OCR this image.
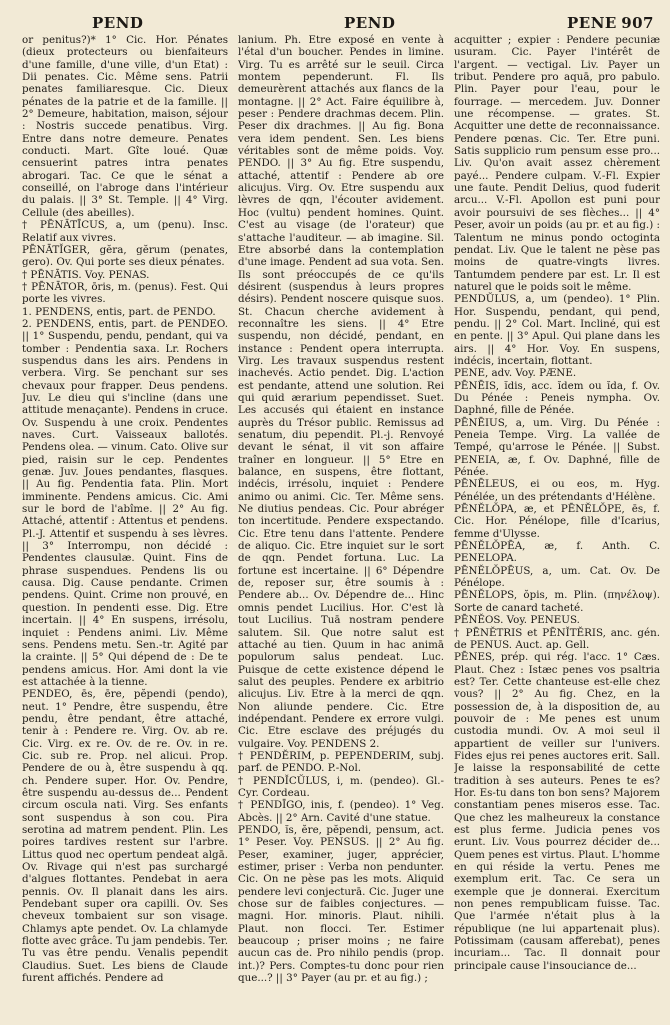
PEND	PEND	PENE 907

or penitus?)* 1° Cic. Hor. Pénates (dieux protecteurs ou bienfaiteurs d'une famille, d'une ville, d'un Etat) : Dii penates. Cic. Même sens. Patrii penates familiaresque. Cic. Dieux pénates de la patrie et de la famille. || 2° Demeure, habitation, maison, séjour : Nostris succede penatibus. Virg. Entre dans notre demeure. Penates conducti. Mart. Gîte loué. Quæ censuerint patres intra penates abrogari. Tac. Ce que le sénat a conseillé, on l'abroge dans l'intérieur du palais. || 3° St. Temple. || 4° Virg. Cellule (des abeilles).

† PĒNĀTĪCUS, a, um (penu). Insc. Relatif aux vivres.

PĒNĀTĬGER, gĕra, gĕrum (penates, gero). Ov. Qui porte ses dieux pénates.

† PĒNĀTIS. Voy. PENAS.

† PĒNĀTOR, ōris, m. (penus). Fest. Qui porte les vivres.

1. PENDENS, entis, part. de PENDO.

2. PENDENS, entis, part. de PENDEO. || 1° Suspendu, pendu, pendant, qui va tomber : Pendentia saxa. Lr. Rochers suspendus dans les airs. Pendens in verbera. Virg. Se penchant sur ses chevaux pour frapper. Deus pendens. Juv. Le dieu qui s'incline (dans une attitude menaçante). Pendens in cruce. Ov. Suspendu à une croix. Pendentes naves. Curt. Vaisseaux ballotés. Pendens olea. — vinum. Cato. Olive sur pied, raisin sur le cep. Pendentes genæ. Juv. Joues pendantes, flasques. || Au fig. Pendentia fata. Plin. Mort imminente. Pendens amicus. Cic. Ami sur le bord de l'abîme. || 2° Au fig. Attaché, attentif : Attentus et pendens. Pl.-J. Attentif et suspendu à ses lèvres. || 3° Interrompu, non décidé : Pendentes clausulæ. Quint. Fins de phrase suspendues. Pendens lis ou causa. Dig. Cause pendante. Crimen pendens. Quint. Crime non prouvé, en question. In pendenti esse. Dig. Etre incertain. || 4° En suspens, irrésolu, inquiet : Pendens animi. Liv. Même sens. Pendens metu. Sen.-tr. Agité par la crainte. || 5° Qui dépend de : De te pendens amicus. Hor. Ami dont la vie est attachée à la tienne.

PENDEO, ēs, ēre, pĕpendi (pendo), neut. 1° Pendre, être suspendu, être pendu, être pendant, être attaché, tenir à : Pendere re. Virg. Ov. ab re. Cic. Virg. ex re. Ov. de re. Ov. in re. Cic. sub re. Prop. nel alicui. Prop. Pendere de ou à, être suspendu à qq. ch. Pendere super. Hor. Ov. Pendre, être suspendu au-dessus de... Pendent circum oscula nati. Virg. Ses enfants sont suspendus à son cou. Pira serotina ad matrem pendent. Plin. Les poires tardives restent sur l'arbre. Littus quod nec opertum pendeat algā. Ov. Rivage qui n'est pas surchargé d'algues flottantes. Pendebat in aera pennis. Ov. Il planait dans les airs. Pendebant super ora capilli. Ov. Ses cheveux tombaient sur son visage. Chlamys apte pendet. Ov. La chlamyde flotte avec grâce. Tu jam pendebis. Ter. Tu vas être pendu. Venalis pependit Claudius. Suet. Les biens de Claude furent affichés. Pendere ad

lanium. Ph. Etre exposé en vente à l'étal d'un boucher. Pendes in limine. Virg. Tu es arrêté sur le seuil. Circa montem pependerunt. Fl. Ils demeurèrent attachés aux flancs de la montagne. || 2° Act. Faire équilibre à, peser : Pendere drachmas decem. Plin. Peser dix drachmes. || Au fig. Bona vera idem pendent. Sen. Les biens véritables sont de même poids. Voy. PENDO. || 3° Au fig. Etre suspendu, attaché, attentif : Pendere ab ore alicujus. Virg. Ov. Etre suspendu aux lèvres de qqn, l'écouter avidement. Hoc (vultu) pendent homines. Quint. C'est au visage (de l'orateur) que s'attache l'auditeur. — ab imagine. Sil. Etre absorbé dans la contemplation d'une image. Pendent ad sua vota. Sen. Ils sont préoccupés de ce qu'ils désirent (suspendus à leurs propres désirs). Pendent noscere quisque suos. St. Chacun cherche avidement à reconnaître les siens. || 4° Etre suspendu, non décidé, pendant, en instance : Pendent opera interrupta. Virg. Les travaux suspendus restent inachevés. Actio pendet. Dig. L'action est pendante, attend une solution. Rei qui quid ærarium pependisset. Suet. Les accusés qui étaient en instance auprès du Trésor public. Remissus ad senatum, diu pependit. Pl.-j. Renvoyé devant le sénat, il vit son affaire traîner en longueur. || 5° Etre en balance, en suspens, être flottant, indécis, irrésolu, inquiet : Pendere animo ou animi. Cic. Ter. Même sens. Ne diutius pendeas. Cic. Pour abréger ton incertitude. Pendere exspectando. Cic. Etre tenu dans l'attente. Pendere de aliquo. Cic. Etre inquiet sur le sort de qqn. Pendet fortuna. Luc. La fortune est incertaine. || 6° Dépendre de, reposer sur, être soumis à : Pendere ab... Ov. Dépendre de... Hinc omnis pendet Lucilius. Hor. C'est là tout Lucilius. Tuā nostram pendere salutem. Sil. Que notre salut est attaché au tien. Quum in hac animā populorum salus pendeat. Luc. Puisque de cette existence dépend le salut des peuples. Pendere ex arbitrio alicujus. Liv. Etre à la merci de qqn. Non aliunde pendere. Cic. Etre indépendant. Pendere ex errore vulgi. Cic. Etre esclave des préjugés du vulgaire. Voy. PENDENS 2.

† PENDĔRIM, p. PEPENDERIM, subj. parf. de PENDO. P.-Nol.

† PENDĬCŬLUS, i, m. (pendeo). Gl.-Cyr. Cordeau.

† PENDĪGO, inis, f. (pendeo). 1° Veg. Abcès. || 2° Arn. Cavité d'une statue.

PENDO, ĭs, ĕre, pĕpendi, pensum, act. 1° Peser. Voy. PENSUS. || 2° Au fig. Peser, examiner, juger, apprécier, estimer, priser : Verba non pendunter. Cic. On ne pèse pas les mots. Aliquid pendere levi conjecturā. Cic. Juger une chose sur de faibles conjectures. — magni. Hor. minoris. Plaut. nihili. Plaut. non flocci. Ter. Estimer beaucoup ; priser moins ; ne faire aucun cas de. Pro nihilo pendis (prop. int.)? Pers. Comptes-tu donc pour rien que...? || 3° Payer (au pr. et au fig.) ;

acquitter ; expier : Pendere pecuniæ usuram. Cic. Payer l'intérêt de l'argent. — vectigal. Liv. Payer un tribut. Pendere pro aquā, pro pabulo. Plin. Payer pour l'eau, pour le fourrage. — mercedem. Juv. Donner une récompense. — grates. St. Acquitter une dette de reconnaissance. Pendere pœnas. Cic. Ter. Etre puni. Satis supplicio rum pensum esse pro... Liv. Qu'on avait assez chèrement payé... Pendere culpam. V.-Fl. Expier une faute. Pendit Delius, quod fuderit arcu... V.-Fl. Apollon est puni pour avoir poursuivi de ses flèches... || 4° Peser, avoir un poids (au pr. et au fig.) : Talentum ne minus pondo octoginta pendat. Liv. Que le talent ne pèse pas moins de quatre-vingts livres. Tantumdem pendere par est. Lr. Il est naturel que le poids soit le même.

PENDŬLUS, a, um (pendeo). 1° Plin. Hor. Suspendu, pendant, qui pend, pendu. || 2° Col. Mart. Incliné, qui est en pente. || 3° Apul. Qui plane dans les airs. || 4° Hor. Voy. En suspens, indécis, incertain, flottant.

PENE, adv. Voy. PÆNE.

PĒNĒIS, ĭdis, acc. ĭdem ou ĭda, f. Ov. Du Pénée : Peneis nympha. Ov. Daphné, fille de Pénée.

PĒNĒIUS, a, um. Virg. Du Pénée : Peneia Tempe. Virg. La vallée de Tempé, qu'arrose le Pénée. || Subst. PENEIA, æ, f. Ov. Daphné, fille de Pénée.

PĒNĒLEUS, ei ou eos, m. Hyg. Pénélée, un des prétendants d'Hélène.

PĒNĔLŎPA, æ, et PĒNĔLŎPE, ēs, f. Cic. Hor. Pénélope, fille d'Icarius, femme d'Ulysse.

PĒNĔLŎPĒA, æ, f. Anth. C. PENELOPA.

PĒNĔLŎPĒUS, a, um. Cat. Ov. De Pénélope.

PĒNĔLOPS, ŏpis, m. Plin. (πηνέλοψ). Sorte de canard tacheté.

PĒNĔOS. Voy. PENEUS.

† PĒNĔTRIS et PĒNĬTĔRIS, anc. gén. de PENUS. Auct. ap. Gell.

PĒNES, prép. qui rég. l'acc. 1° Cæs. Plaut. Chez : Istæc penes vos psaltria est? Ter. Cette chanteuse est-elle chez vous? || 2° Au fig. Chez, en la possession de, à la disposition de, au pouvoir de : Me penes est unum custodia mundi. Ov. A moi seul il appartient de veiller sur l'univers. Fides ejus rei penes auctores erit. Sall. Je laisse la responsabilité de cette tradition à ses auteurs. Penes te es? Hor. Es-tu dans ton bon sens? Majorem constantiam penes miseros esse. Tac. Que chez les malheureux la constance est plus ferme. Judicia penes vos erunt. Liv. Vous pourrez décider de... Quem penes est virtus. Plaut. L'homme en qui réside la vertu. Penes me exemplum erit. Tac. Ce sera un exemple que je donnerai. Exercitum non penes rempublicam fuisse. Tac. Que l'armée n'était plus à la république (ne lui appartenait plus). Potissimam (causam afferebat), penes incuriam... Tac. Il donnait pour principale cause l'insouciance de...
